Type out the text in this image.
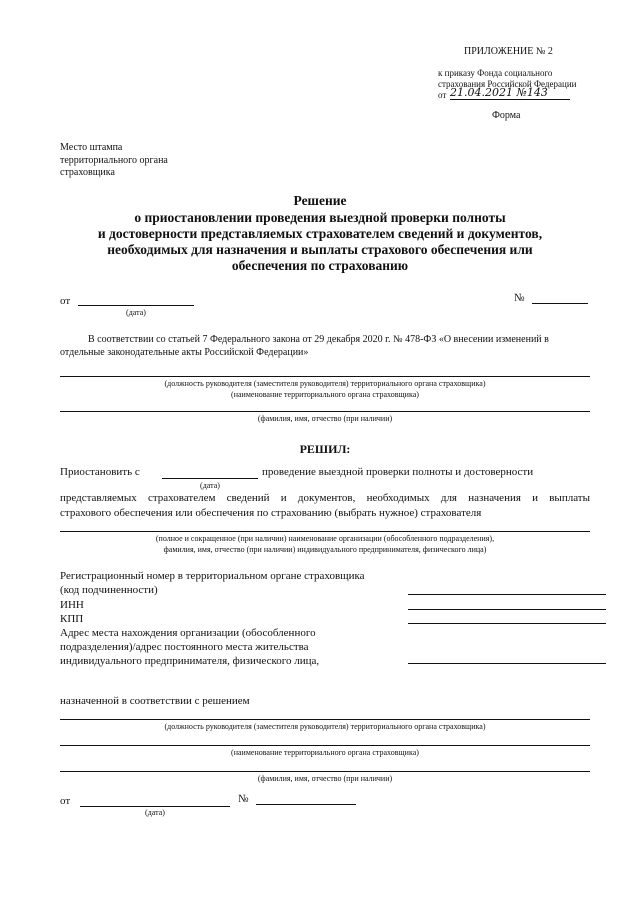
ПРИЛОЖЕНИЕ № 2
к приказу Фонда социального
страхования Российской Федерации
от 21.04.2021 №143
Форма
Место штампа
территориального органа
страховщика
Решение
о приостановлении проведения выездной проверки полноты
и достоверности представляемых страхователем сведений и документов,
необходимых для назначения и выплаты страхового обеспечения или
обеспечения по страхованию
от
(дата)
№
В соответствии со статьей 7 Федерального закона от 29 декабря 2020 г. № 478-ФЗ «О внесении изменений в
отдельные законодательные акты Российской Федерации»
(должность руководителя (заместителя руководителя) территориального органа страховщика)
(наименование территориального органа страховщика)
(фамилия, имя, отчество (при наличии)
РЕШИЛ:
Приостановить с	проведение выездной проверки полноты и достоверности
(дата)
представляемых страхователем сведений и документов, необходимых для назначения и выплаты
страхового обеспечения или обеспечения по страхованию (выбрать нужное) страхователя
(полное и сокращенное (при наличии) наименование организации (обособленного подразделения),
фамилия, имя, отчество (при наличии) индивидуального предпринимателя, физического лица)
Регистрационный номер в территориальном органе страховщика
(код подчиненности)
ИНН
КПП
Адрес места нахождения организации (обособленного
подразделения)/адрес постоянного места жительства
индивидуального предпринимателя, физического лица,
назначенной в соответствии с решением
(должность руководителя (заместителя руководителя) территориального органа страховщика)
(наименование территориального органа страховщика)
(фамилия, имя, отчество (при наличии)
от
(дата)
№
